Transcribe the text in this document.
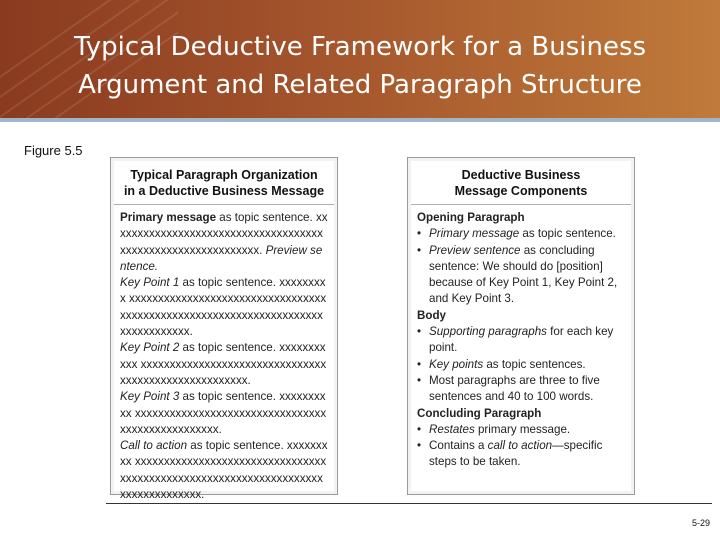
Typical Deductive Framework for a Business
Argument and Related Paragraph Structure
Figure 5.5
Typical Paragraph Organization
in a Deductive Business Message
Primary message as topic sentence. xx xxxxxxxxxxxxxxxxxxxxxxxxxxxxxxxxxxxxxxxxxxxxxxxxxxxxxxxxxxx. Preview sentence.
Key Point 1 as topic sentence. xxxxxxxxx xxxxxxxxxxxxxxxxxxxxxxxxxxxxxxxxxxxxxxxxxxxxxxxxxxxxxxxxxxxxxxxxxxxxxxxxxxxxxxxxx.
Key Point 2 as topic sentence. xxxxxxxxxxx xxxxxxxxxxxxxxxxxxxxxxxxxxxxxxxxxxxxxxxxxxxxxxxxxxxxxx.
Key Point 3 as topic sentence. xxxxxxxxxx xxxxxxxxxxxxxxxxxxxxxxxxxxxxxxxxxxxxxxxxxxxxxxxxxx.
Call to action as topic sentence. xxxxxxxxx xxxxxxxxxxxxxxxxxxxxxxxxxxxxxxxxxxxxxxxxxxxxxxxxxxxxxxxxxxxxxxxxxxxxxxxxxxxxxxxxxx.
Deductive Business
Message Components
Opening Paragraph
• Primary message as topic sentence.
• Preview sentence as concluding sentence: We should do [position] because of Key Point 1, Key Point 2, and Key Point 3.
Body
• Supporting paragraphs for each key point.
• Key points as topic sentences.
• Most paragraphs are three to five sentences and 40 to 100 words.
Concluding Paragraph
• Restates primary message.
• Contains a call to action—specific steps to be taken.
5-29
